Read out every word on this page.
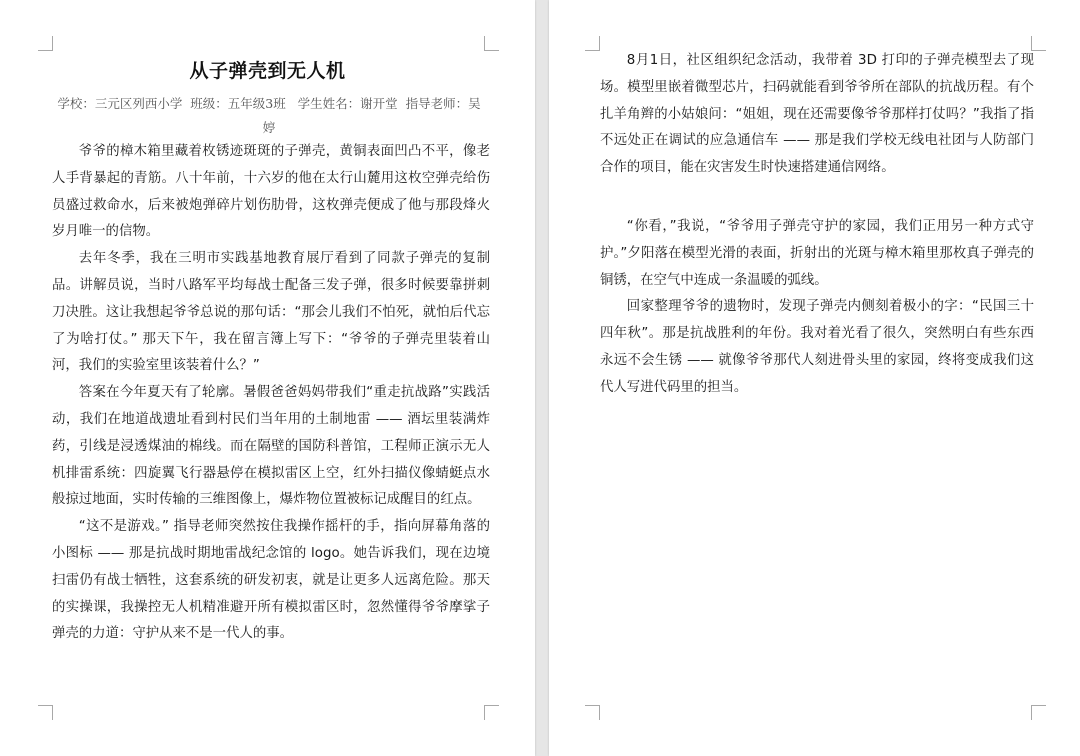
从子弹壳到无人机
学校：三元区列西小学  班级：五年级3班   学生姓名：谢开堂  指导老师：吴婷

爷爷的樟木箱里藏着枚锈迹斑斑的子弹壳，黄铜表面凹凸不平，像老人手背暴起的青筋。八十年前，十六岁的他在太行山麓用这枚空弹壳给伤员盛过救命水，后来被炮弹碎片划伤肋骨，这枚弹壳便成了他与那段烽火岁月唯一的信物。

去年冬季，我在三明市实践基地教育展厅看到了同款子弹壳的复制品。讲解员说，当时八路军平均每战士配备三发子弹，很多时候要靠拼刺刀决胜。这让我想起爷爷总说的那句话：“那会儿我们不怕死，就怕后代忘了为啥打仗。” 那天下午，我在留言簿上写下：“爷爷的子弹壳里装着山河，我们的实验室里该装着什么？”

答案在今年夏天有了轮廓。暑假爸爸妈妈带我们“重走抗战路”实践活动，我们在地道战遗址看到村民们当年用的土制地雷 —— 酒坛里装满炸药，引线是浸透煤油的棉线。而在隔壁的国防科普馆，工程师正演示无人机排雷系统：四旋翼飞行器悬停在模拟雷区上空，红外扫描仪像蜻蜓点水般掠过地面，实时传输的三维图像上，爆炸物位置被标记成醒目的红点。

“这不是游戏。” 指导老师突然按住我操作摇杆的手，指向屏幕角落的小图标 —— 那是抗战时期地雷战纪念馆的 logo。她告诉我们，现在边境扫雷仍有战士牺牲，这套系统的研发初衷，就是让更多人远离危险。那天的实操课，我操控无人机精准避开所有模拟雷区时，忽然懂得爷爷摩挲子弹壳的力道：守护从来不是一代人的事。

8月1日，社区组织纪念活动，我带着 3D 打印的子弹壳模型去了现场。模型里嵌着微型芯片，扫码就能看到爷爷所在部队的抗战历程。有个扎羊角辫的小姑娘问：“姐姐，现在还需要像爷爷那样打仗吗？”我指了指不远处正在调试的应急通信车 —— 那是我们学校无线电社团与人防部门合作的项目，能在灾害发生时快速搭建通信网络。

“你看，”我说，“爷爷用子弹壳守护的家园，我们正用另一种方式守护。”夕阳落在模型光滑的表面，折射出的光斑与樟木箱里那枚真子弹壳的铜锈，在空气中连成一条温暖的弧线。

回家整理爷爷的遗物时，发现子弹壳内侧刻着极小的字：“民国三十四年秋”。那是抗战胜利的年份。我对着光看了很久，突然明白有些东西永远不会生锈 —— 就像爷爷那代人刻进骨头里的家园，终将变成我们这代人写进代码里的担当。
